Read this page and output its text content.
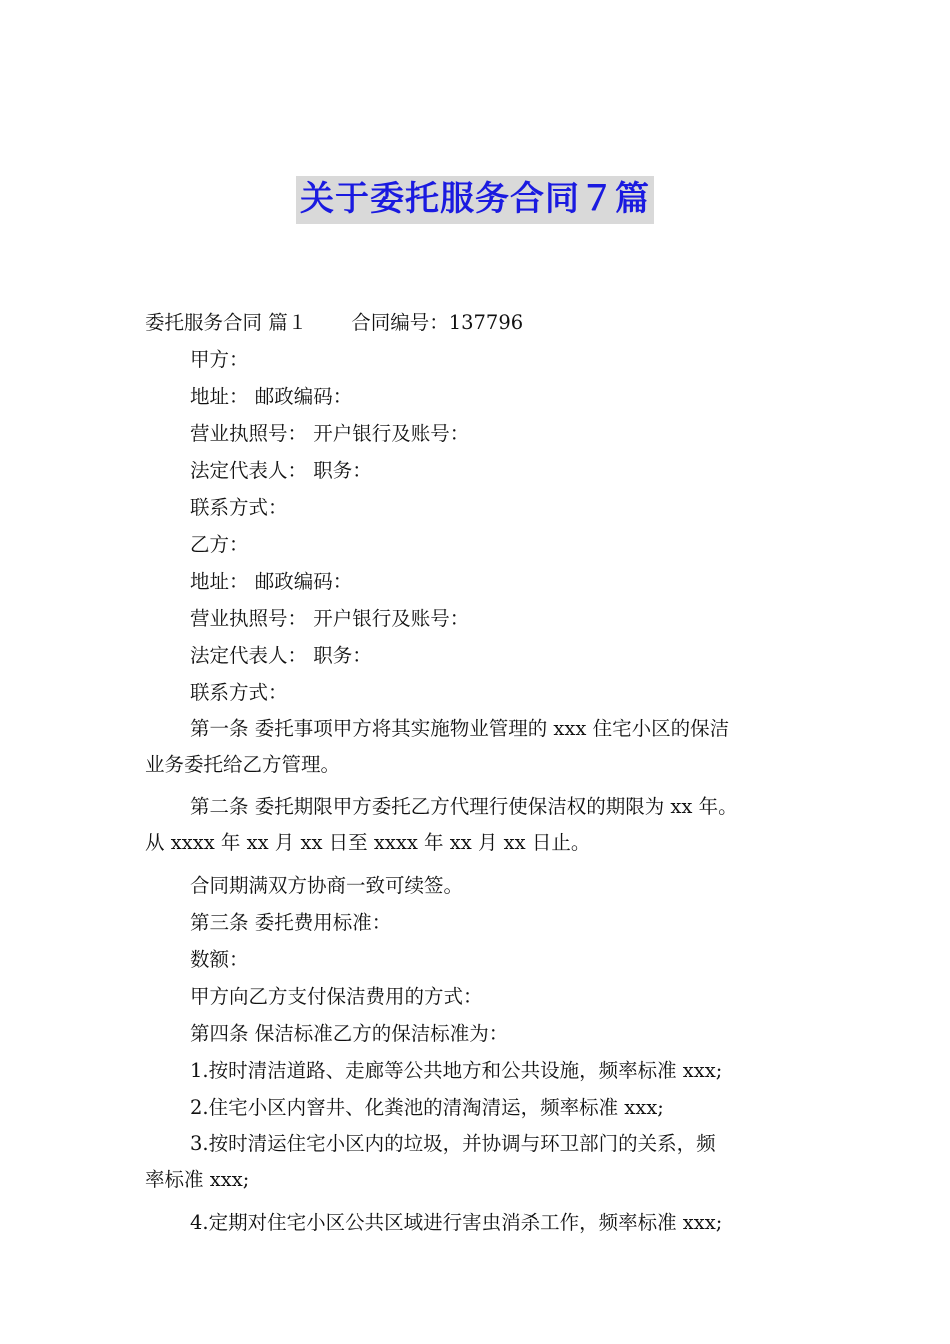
关于委托服务合同７篇
委托服务合同 篇１ 合同编号：137796
甲方：
地址： 邮政编码：
营业执照号： 开户银行及账号：
法定代表人： 职务：
联系方式：
乙方：
地址： 邮政编码：
营业执照号： 开户银行及账号：
法定代表人： 职务：
联系方式：
第一条 委托事项甲方将其实施物业管理的 xxx 住宅小区的保洁
业务委托给乙方管理。
第二条 委托期限甲方委托乙方代理行使保洁权的期限为 xx 年。
从 xxxx 年 xx 月 xx 日至 xxxx 年 xx 月 xx 日止。
合同期满双方协商一致可续签。
第三条 委托费用标准：
数额：
甲方向乙方支付保洁费用的方式：
第四条 保洁标准乙方的保洁标准为：
1.按时清洁道路、走廊等公共地方和公共设施，频率标准 xxx;
2.住宅小区内窨井、化粪池的清淘清运，频率标准 xxx;
3.按时清运住宅小区内的垃圾，并协调与环卫部门的关系，频
率标准 xxx;
4.定期对住宅小区公共区域进行害虫消杀工作，频率标准 xxx;
